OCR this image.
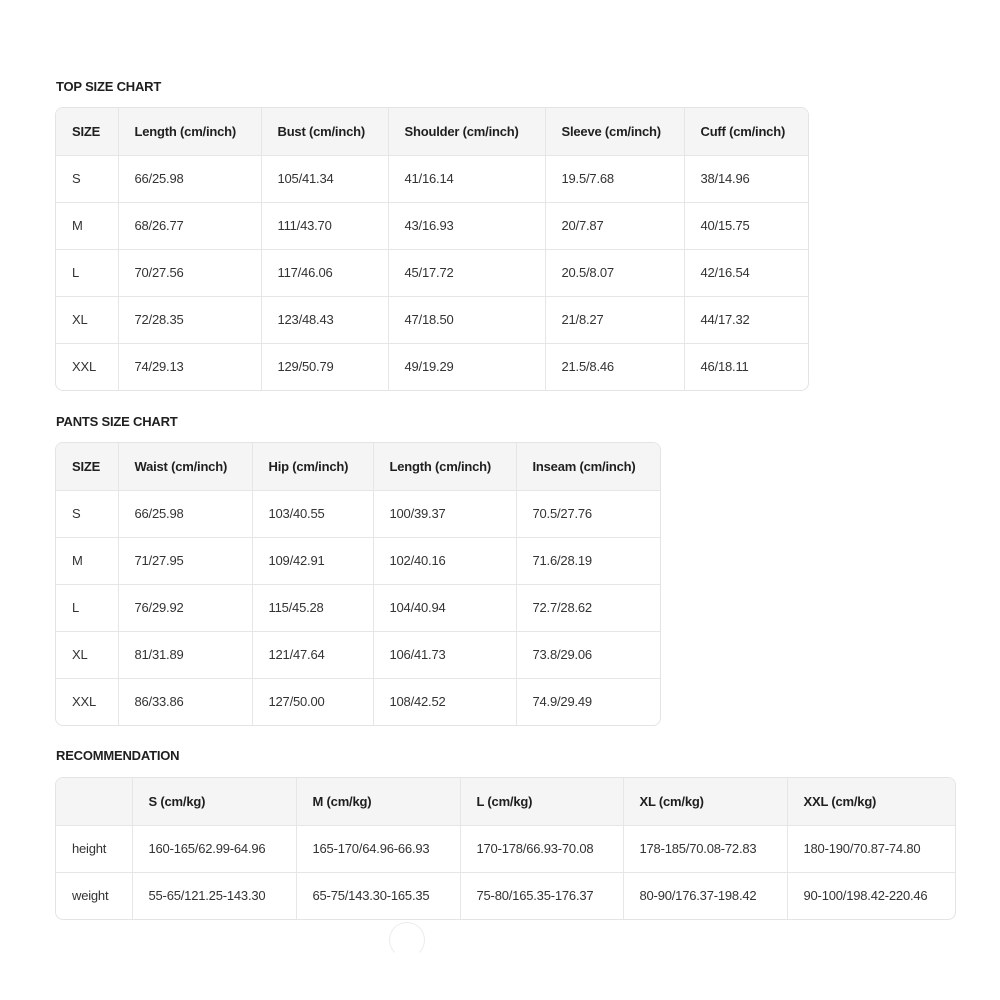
TOP SIZE CHART
SIZE	Length (cm/inch)	Bust (cm/inch)	Shoulder (cm/inch)	Sleeve (cm/inch)	Cuff (cm/inch)
S	66/25.98	105/41.34	41/16.14	19.5/7.68	38/14.96
M	68/26.77	111/43.70	43/16.93	20/7.87	40/15.75
L	70/27.56	117/46.06	45/17.72	20.5/8.07	42/16.54
XL	72/28.35	123/48.43	47/18.50	21/8.27	44/17.32
XXL	74/29.13	129/50.79	49/19.29	21.5/8.46	46/18.11
PANTS SIZE CHART
SIZE	Waist (cm/inch)	Hip (cm/inch)	Length (cm/inch)	Inseam (cm/inch)
S	66/25.98	103/40.55	100/39.37	70.5/27.76
M	71/27.95	109/42.91	102/40.16	71.6/28.19
L	76/29.92	115/45.28	104/40.94	72.7/28.62
XL	81/31.89	121/47.64	106/41.73	73.8/29.06
XXL	86/33.86	127/50.00	108/42.52	74.9/29.49
RECOMMENDATION
	S (cm/kg)	M (cm/kg)	L (cm/kg)	XL (cm/kg)	XXL (cm/kg)
height	160-165/62.99-64.96	165-170/64.96-66.93	170-178/66.93-70.08	178-185/70.08-72.83	180-190/70.87-74.80
weight	55-65/121.25-143.30	65-75/143.30-165.35	75-80/165.35-176.37	80-90/176.37-198.42	90-100/198.42-220.46
